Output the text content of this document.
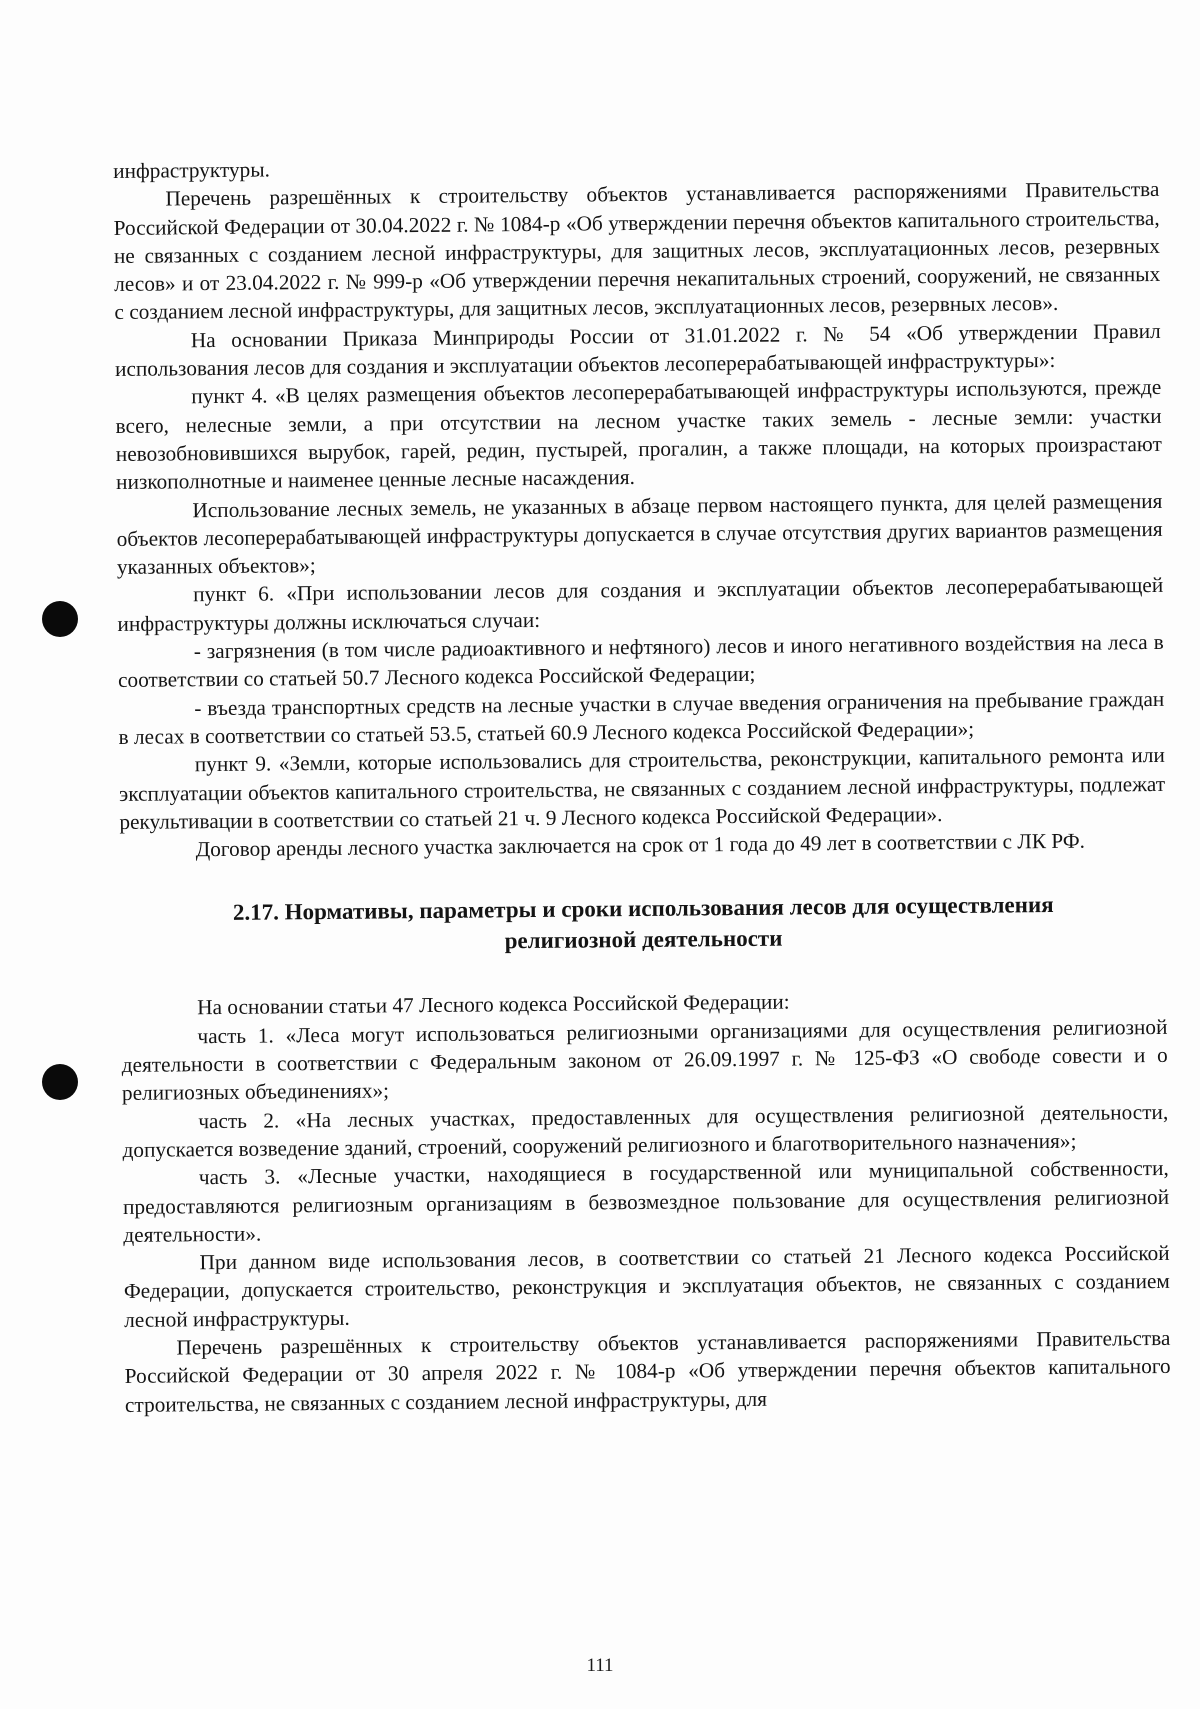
инфраструктуры.

Перечень разрешённых к строительству объектов устанавливается распоряжениями Правительства Российской Федерации от 30.04.2022 г. № 1084-р «Об утверждении перечня объектов капитального строительства, не связанных с созданием лесной инфраструктуры, для защитных лесов, эксплуатационных лесов, резервных лесов» и от 23.04.2022 г. № 999-р «Об утверждении перечня некапитальных строений, сооружений, не связанных с созданием лесной инфраструктуры, для защитных лесов, эксплуатационных лесов, резервных лесов».

На основании Приказа Минприроды России от 31.01.2022 г. № 54 «Об утверждении Правил использования лесов для создания и эксплуатации объектов лесоперерабатывающей инфраструктуры»:

пункт 4. «В целях размещения объектов лесоперерабатывающей инфраструктуры используются, прежде всего, нелесные земли, а при отсутствии на лесном участке таких земель - лесные земли: участки невозобновившихся вырубок, гарей, редин, пустырей, прогалин, а также площади, на которых произрастают низкополнотные и наименее ценные лесные насаждения.

Использование лесных земель, не указанных в абзаце первом настоящего пункта, для целей размещения объектов лесоперерабатывающей инфраструктуры допускается в случае отсутствия других вариантов размещения указанных объектов»;

пункт 6. «При использовании лесов для создания и эксплуатации объектов лесоперерабатывающей инфраструктуры должны исключаться случаи:

- загрязнения (в том числе радиоактивного и нефтяного) лесов и иного негативного воздействия на леса в соответствии со статьей 50.7 Лесного кодекса Российской Федерации;

- въезда транспортных средств на лесные участки в случае введения ограничения на пребывание граждан в лесах в соответствии со статьей 53.5, статьей 60.9 Лесного кодекса Российской Федерации»;

пункт 9. «Земли, которые использовались для строительства, реконструкции, капитального ремонта или эксплуатации объектов капитального строительства, не связанных с созданием лесной инфраструктуры, подлежат рекультивации в соответствии со статьей 21 ч. 9 Лесного кодекса Российской Федерации».

Договор аренды лесного участка заключается на срок от 1 года до 49 лет в соответствии с ЛК РФ.

2.17. Нормативы, параметры и сроки использования лесов для осуществления
религиозной деятельности

На основании статьи 47 Лесного кодекса Российской Федерации:

часть 1. «Леса могут использоваться религиозными организациями для осуществления религиозной деятельности в соответствии с Федеральным законом от 26.09.1997 г. № 125-ФЗ «О свободе совести и о религиозных объединениях»;

часть 2. «На лесных участках, предоставленных для осуществления религиозной деятельности, допускается возведение зданий, строений, сооружений религиозного и благотворительного назначения»;

часть 3. «Лесные участки, находящиеся в государственной или муниципальной собственности, предоставляются религиозным организациям в безвозмездное пользование для осуществления религиозной деятельности».

При данном виде использования лесов, в соответствии со статьей 21 Лесного кодекса Российской Федерации, допускается строительство, реконструкция и эксплуатация объектов, не связанных с созданием лесной инфраструктуры.

Перечень разрешённых к строительству объектов устанавливается распоряжениями Правительства Российской Федерации от 30 апреля 2022 г. № 1084-р «Об утверждении перечня объектов капитального строительства, не связанных с созданием лесной инфраструктуры, для

111
